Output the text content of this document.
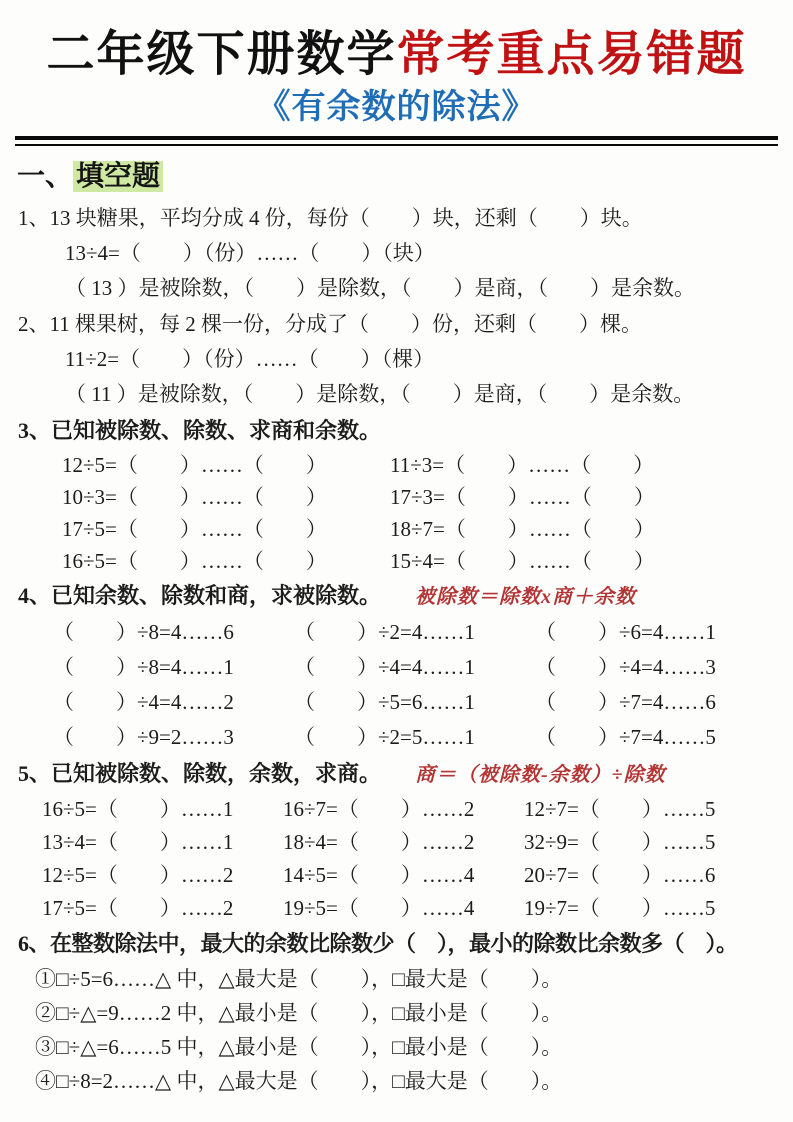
二年级下册数学常考重点易错题
《有余数的除法》
一、 填空题

1、13 块糖果，平均分成 4 份，每份（　　）块，还剩（　　）块。

13÷4=（　　）（份）……（　　）（块）

（ 13 ）是被除数，（　　）是除数，（　　）是商，（　　）是余数。

2、11 棵果树，每 2 棵一份，分成了（　　）份，还剩（　　）棵。

11÷2=（　　）（份）……（　　）（棵）

（ 11 ）是被除数，（　　）是除数，（　　）是商，（　　）是余数。

3、已知被除数、除数、求商和余数。

12÷5=（　　）……（　　）	11÷3=（　　）……（　　）

10÷3=（　　）……（　　）	17÷3=（　　）……（　　）

17÷5=（　　）……（　　）	18÷7=（　　）……（　　）

16÷5=（　　）……（　　）	15÷4=（　　）……（　　）

4、已知余数、除数和商，求被除数。 被除数＝除数x商＋余数

（　　）÷8=4……6	（　　）÷2=4……1	（　　）÷6=4……1

（　　）÷8=4……1	（　　）÷4=4……1	（　　）÷4=4……3

（　　）÷4=4……2	（　　）÷5=6……1	（　　）÷7=4……6

（　　）÷9=2……3	（　　）÷2=5……1	（　　）÷7=4……5

5、已知被除数、除数，余数，求商。 商＝（被除数-余数）÷除数

16÷5=（　　）……1 16÷7=（　　）……2 12÷7=（　　）……5

13÷4=（　　）……1 18÷4=（　　）……2 32÷9=（　　）……5

12÷5=（　　）……2 14÷5=（　　）……4 20÷7=（　　）……6

17÷5=（　　）……2 19÷5=（　　）……4 19÷7=（　　）……5

6、在整数除法中，最大的余数比除数少（　），最小的除数比余数多（　）。

①□÷5=6……△ 中，△最大是（　　），□最大是（　　）。

②□÷△=9……2 中，△最小是（　　），□最小是（　　）。

③□÷△=6……5 中，△最小是（　　），□最小是（　　）。

④□÷8=2……△ 中，△最大是（　　），□最大是（　　）。
